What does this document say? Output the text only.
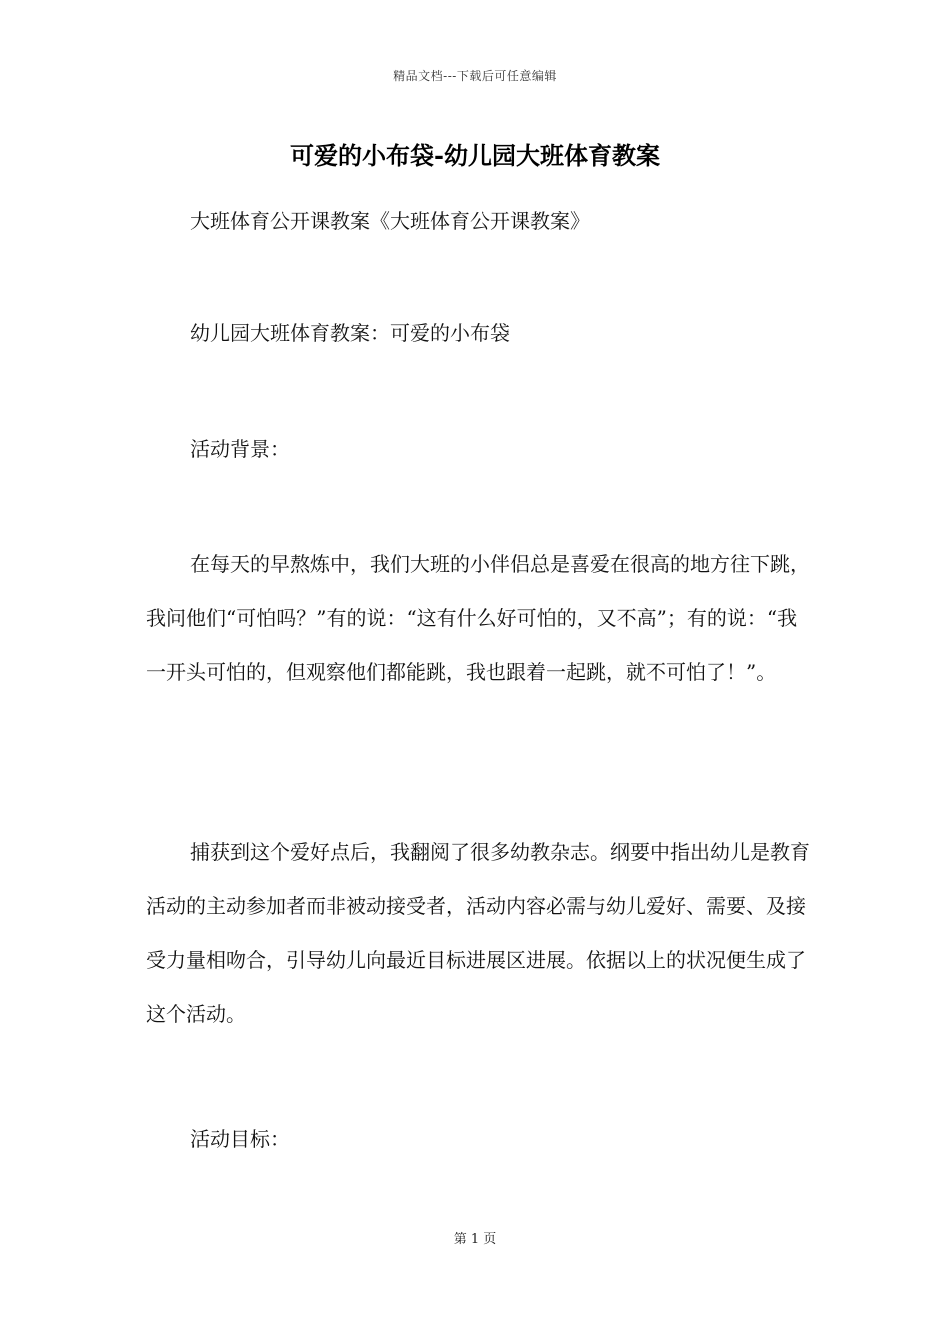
精品文档---下载后可任意编辑
可爱的小布袋-幼儿园大班体育教案

大班体育公开课教案《大班体育公开课教案》

幼儿园大班体育教案：可爱的小布袋

活动背景：

在每天的早熬炼中，我们大班的小伴侣总是喜爱在很高的地方往下跳，我问他们“可怕吗？”有的说：“这有什么好可怕的，又不高”；有的说：“我一开头可怕的，但观察他们都能跳，我也跟着一起跳，就不可怕了！”。

捕获到这个爱好点后，我翻阅了很多幼教杂志。纲要中指出幼儿是教育活动的主动参加者而非被动接受者，活动内容必需与幼儿爱好、需要、及接受力量相吻合，引导幼儿向最近目标进展区进展。依据以上的状况便生成了这个活动。

活动目标：

第 1 页
